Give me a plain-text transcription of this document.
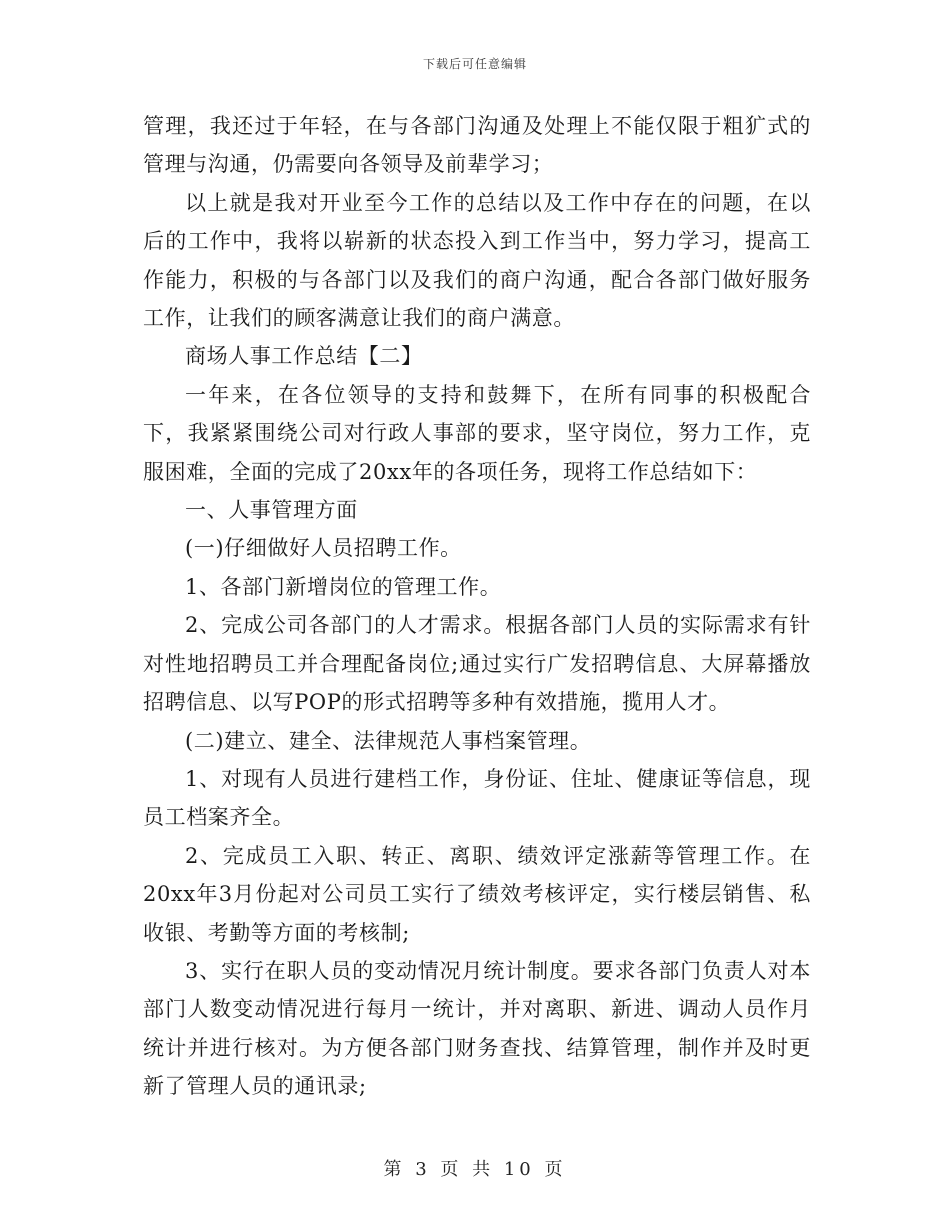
下载后可任意编辑

管理，我还过于年轻，在与各部门沟通及处理上不能仅限于粗犷式的管理与沟通，仍需要向各领导及前辈学习；

以上就是我对开业至今工作的总结以及工作中存在的问题，在以后的工作中，我将以崭新的状态投入到工作当中，努力学习，提高工作能力，积极的与各部门以及我们的商户沟通，配合各部门做好服务工作，让我们的顾客满意让我们的商户满意。

商场人事工作总结【二】

一年来，在各位领导的支持和鼓舞下，在所有同事的积极配合下，我紧紧围绕公司对行政人事部的要求，坚守岗位，努力工作，克服困难，全面的完成了20xx年的各项任务，现将工作总结如下：

一、人事管理方面

(一)仔细做好人员招聘工作。

1、各部门新增岗位的管理工作。

2、完成公司各部门的人才需求。根据各部门人员的实际需求有针对性地招聘员工并合理配备岗位;通过实行广发招聘信息、大屏幕播放招聘信息、以写POP的形式招聘等多种有效措施，揽用人才。

(二)建立、建全、法律规范人事档案管理。

1、对现有人员进行建档工作，身份证、住址、健康证等信息，现员工档案齐全。

2、完成员工入职、转正、离职、绩效评定涨薪等管理工作。在20xx年3月份起对公司员工实行了绩效考核评定，实行楼层销售、私收银、考勤等方面的考核制;

3、实行在职人员的变动情况月统计制度。要求各部门负责人对本部门人数变动情况进行每月一统计，并对离职、新进、调动人员作月统计并进行核对。为方便各部门财务查找、结算管理，制作并及时更新了管理人员的通讯录;

第 3 页 共 10 页
